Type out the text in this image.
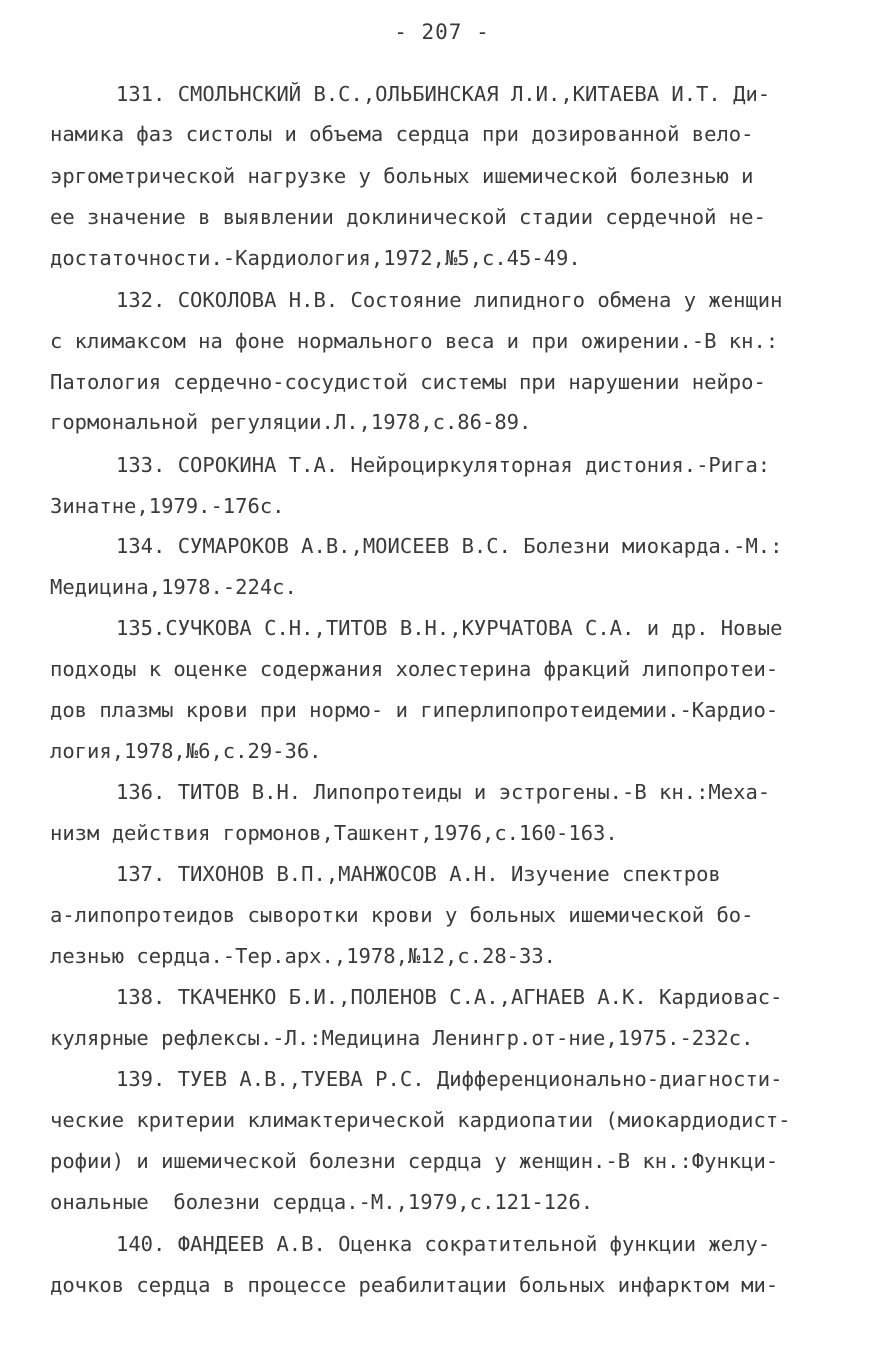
- 207 -
131. СМОЛЬНСКИЙ В.С.,ОЛЬБИНСКАЯ Л.И.,КИТАЕВА И.Т. Ди-
намика фаз систолы и объема сердца при дозированной вело-
эргометрической нагрузке у больных ишемической болезнью и
ее значение в выявлении доклинической стадии сердечной не-
достаточности.-Кардиология,1972,№5,с.45-49.
132. СОКОЛОВА Н.В. Состояние липидного обмена у женщин
с климаксом на фоне нормального веса и при ожирении.-В кн.:
Патология сердечно-сосудистой системы при нарушении нейро-
гормональной регуляции.Л.,1978,с.86-89.
133. СОРОКИНА Т.А. Нейроциркуляторная дистония.-Рига:
Зинатне,1979.-176с.
134. СУМАРОКОВ А.В.,МОИСЕЕВ В.С. Болезни миокарда.-М.:
Медицина,1978.-224с.
135.СУЧКОВА С.Н.,ТИТОВ В.Н.,КУРЧАТОВА С.А. и др. Новые
подходы к оценке содержания холестерина фракций липопротеи-
дов плазмы крови при нормо- и гиперлипопротеидемии.-Кардио-
логия,1978,№6,с.29-36.
136. ТИТОВ В.Н. Липопротеиды и эстрогены.-В кн.:Меха-
низм действия гормонов,Ташкент,1976,с.160-163.
137. ТИХОНОВ В.П.,МАНЖОСОВ А.Н. Изучение спектров
а-липопротеидов сыворотки крови у больных ишемической бо-
лезнью сердца.-Тер.арх.,1978,№12,с.28-33.
138. ТКАЧЕНКО Б.И.,ПОЛЕНОВ С.А.,АГНАЕВ А.К. Кардиовас-
кулярные рефлексы.-Л.:Медицина Ленингр.от-ние,1975.-232с.
139. ТУЕВ А.В.,ТУЕВА Р.С. Дифференционально-диагности-
ческие критерии климактерической кардиопатии (миокардиодист-
рофии) и ишемической болезни сердца у женщин.-В кн.:Функци-
ональные  болезни сердца.-М.,1979,с.121-126.
140. ФАНДЕЕВ А.В. Оценка сократительной функции желу-
дочков сердца в процессе реабилитации больных инфарктом ми-
